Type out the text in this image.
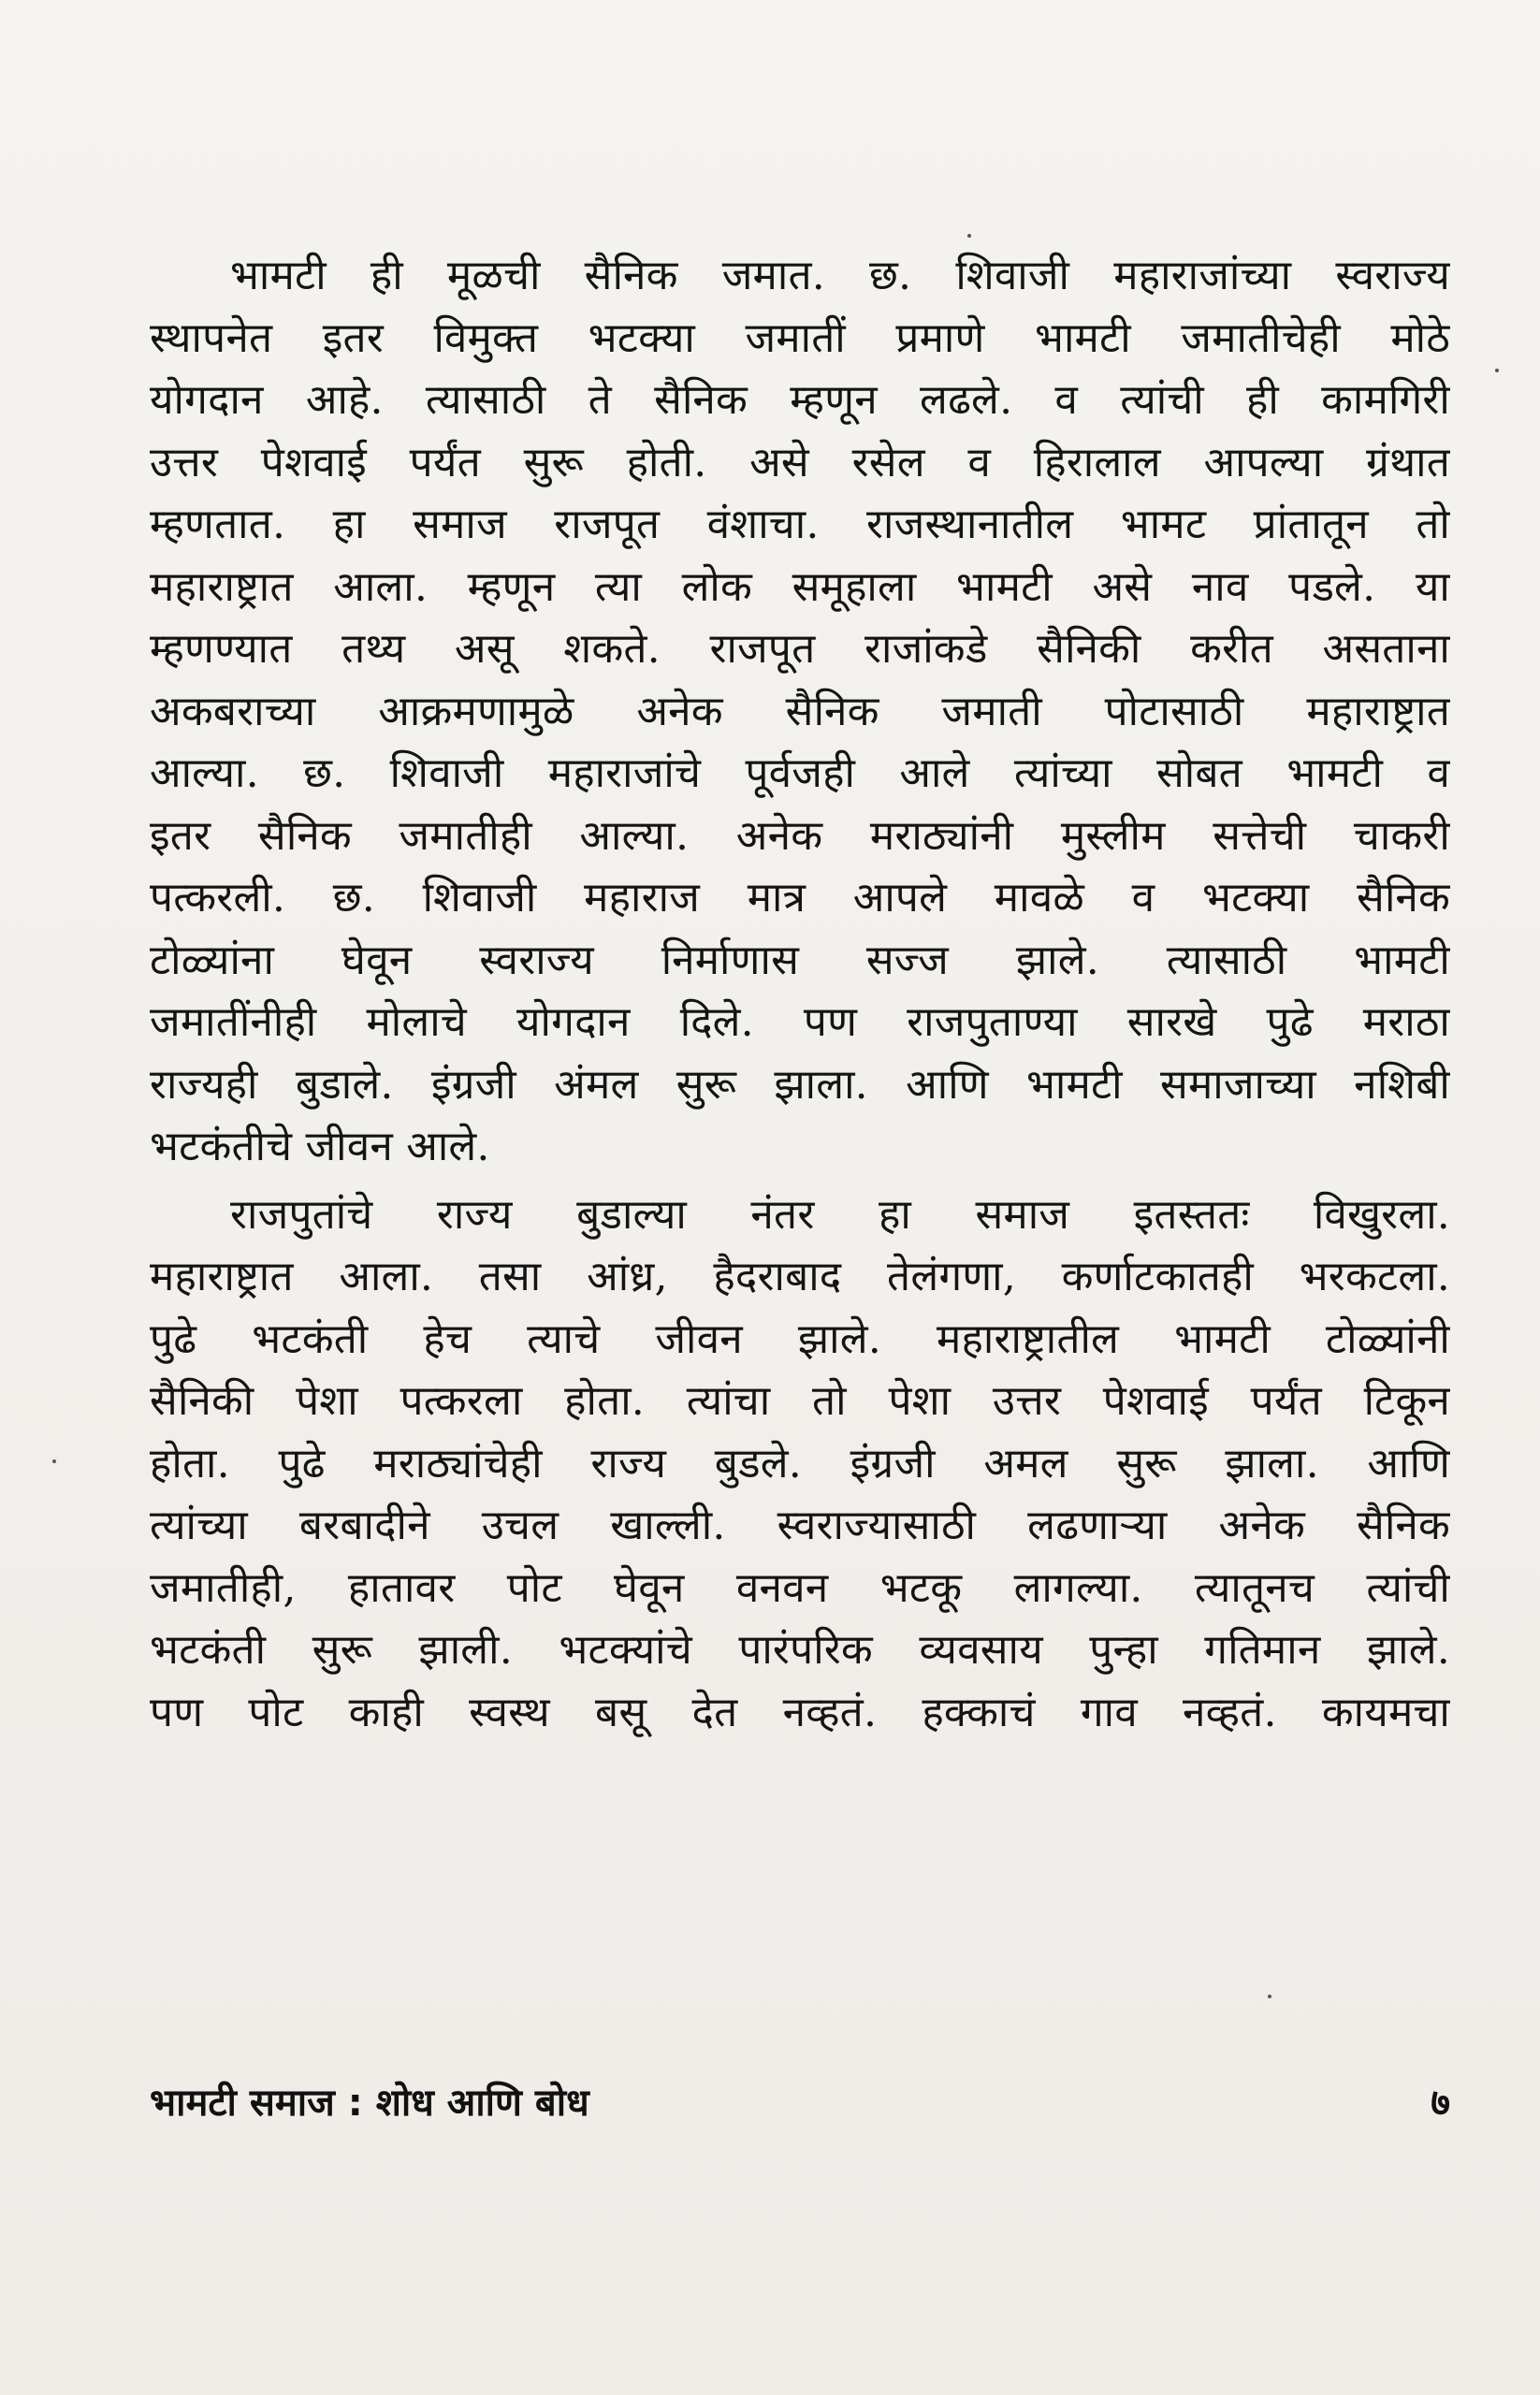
भामटी ही मूळची सैनिक जमात. छ. शिवाजी महाराजांच्या स्वराज्य
स्थापनेत इतर विमुक्त भटक्या जमातीं प्रमाणे भामटी जमातीचेही मोठे
योगदान आहे. त्यासाठी ते सैनिक म्हणून लढले. व त्यांची ही कामगिरी
उत्तर पेशवाई पर्यंत सुरू होती. असे रसेल व हिरालाल आपल्या ग्रंथात
म्हणतात. हा समाज राजपूत वंशाचा. राजस्थानातील भामट प्रांतातून तो
महाराष्ट्रात आला. म्हणून त्या लोक समूहाला भामटी असे नाव पडले. या
म्हणण्यात तथ्य असू शकते. राजपूत राजांकडे सैनिकी करीत असताना
अकबराच्या आक्रमणामुळे अनेक सैनिक जमाती पोटासाठी महाराष्ट्रात
आल्या. छ. शिवाजी महाराजांचे पूर्वजही आले त्यांच्या सोबत भामटी व
इतर सैनिक जमातीही आल्या. अनेक मराठ्यांनी मुस्लीम सत्तेची चाकरी
पत्करली. छ. शिवाजी महाराज मात्र आपले मावळे व भटक्या सैनिक
टोळ्यांना घेवून स्वराज्य निर्माणास सज्ज झाले. त्यासाठी भामटी
जमातींनीही मोलाचे योगदान दिले. पण राजपुताण्या सारखे पुढे मराठा
राज्यही बुडाले. इंग्रजी अंमल सुरू झाला. आणि भामटी समाजाच्या नशिबी
भटकंतीचे जीवन आले.
राजपुतांचे राज्य बुडाल्या नंतर हा समाज इतस्ततः विखुरला.
महाराष्ट्रात आला. तसा आंध्र, हैदराबाद तेलंगणा, कर्णाटकातही भरकटला.
पुढे भटकंती हेच त्याचे जीवन झाले. महाराष्ट्रातील भामटी टोळ्यांनी
सैनिकी पेशा पत्करला होता. त्यांचा तो पेशा उत्तर पेशवाई पर्यंत टिकून
होता. पुढे मराठ्यांचेही राज्य बुडले. इंग्रजी अमल सुरू झाला. आणि
त्यांच्या बरबादीने उचल खाल्ली. स्वराज्यासाठी लढणाऱ्या अनेक सैनिक
जमातीही, हातावर पोट घेवून वनवन भटकू लागल्या. त्यातूनच त्यांची
भटकंती सुरू झाली. भटक्यांचे पारंपरिक व्यवसाय पुन्हा गतिमान झाले.
पण पोट काही स्वस्थ बसू देत नव्हतं. हक्काचं गाव नव्हतं. कायमचा
भामटी समाज : शोध आणि बोध	७
